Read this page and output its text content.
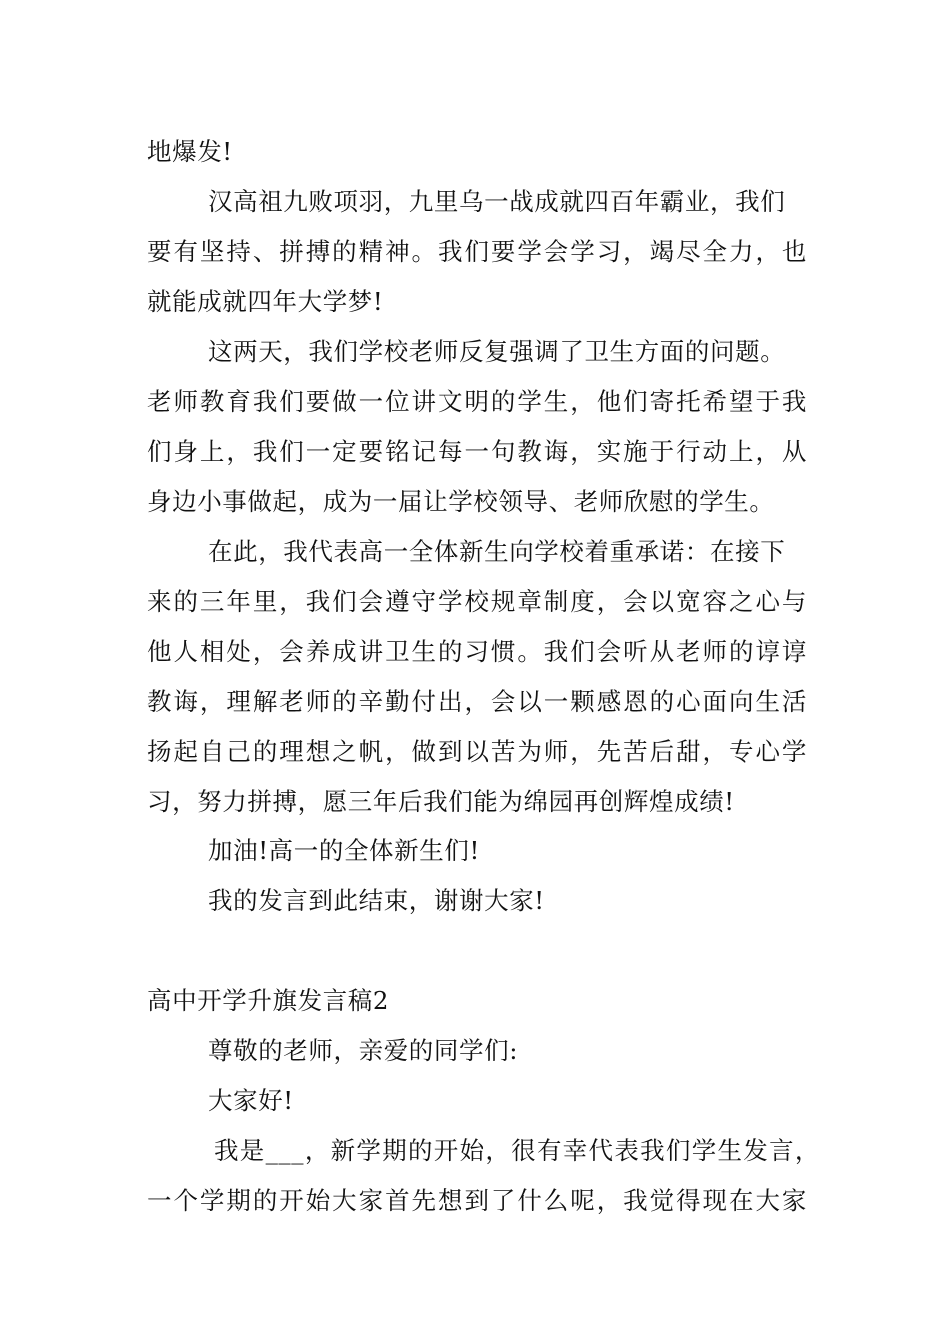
地爆发!
汉高祖九败项羽，九里乌一战成就四百年霸业，我们
要有坚持、拼搏的精神。我们要学会学习，竭尽全力，也
就能成就四年大学梦!
这两天，我们学校老师反复强调了卫生方面的问题。
老师教育我们要做一位讲文明的学生，他们寄托希望于我
们身上，我们一定要铭记每一句教诲，实施于行动上，从
身边小事做起，成为一届让学校领导、老师欣慰的学生。
在此，我代表高一全体新生向学校着重承诺：在接下
来的三年里，我们会遵守学校规章制度，会以宽容之心与
他人相处，会养成讲卫生的习惯。我们会听从老师的谆谆
教诲，理解老师的辛勤付出，会以一颗感恩的心面向生活
扬起自己的理想之帆，做到以苦为师，先苦后甜，专心学
习，努力拼搏，愿三年后我们能为绵园再创辉煌成绩!
加油!高一的全体新生们!
我的发言到此结束，谢谢大家!
高中开学升旗发言稿2
尊敬的老师，亲爱的同学们:
大家好!
我是___，新学期的开始，很有幸代表我们学生发言，
一个学期的开始大家首先想到了什么呢，我觉得现在大家
